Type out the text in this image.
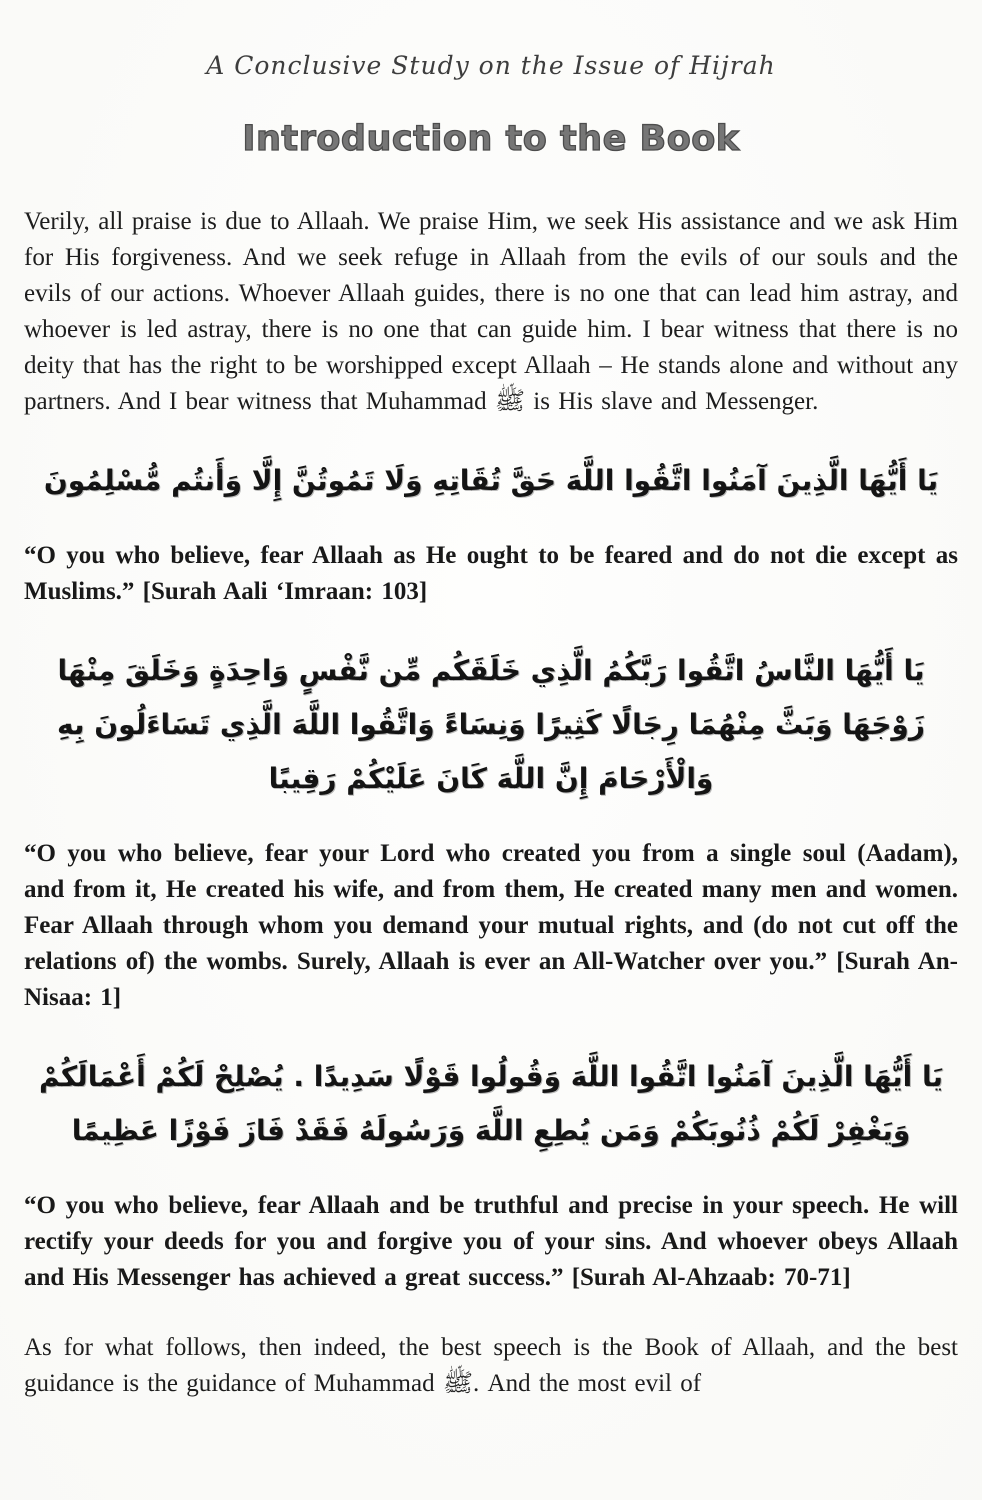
A Conclusive Study on the Issue of Hijrah
Introduction to the Book

Verily, all praise is due to Allaah. We praise Him, we seek His assistance and we ask Him for His forgiveness. And we seek refuge in Allaah from the evils of our souls and the evils of our actions. Whoever Allaah guides, there is no one that can lead him astray, and whoever is led astray, there is no one that can guide him. I bear witness that there is no deity that has the right to be worshipped except Allaah – He stands alone and without any partners. And I bear witness that Muhammad ﷺ is His slave and Messenger.

يَا أَيُّهَا الَّذِينَ آمَنُوا اتَّقُوا اللَّهَ حَقَّ تُقَاتِهِ وَلَا تَمُوتُنَّ إِلَّا وَأَنتُم مُّسْلِمُونَ

“O you who believe, fear Allaah as He ought to be feared and do not die except as Muslims.” [Surah Aali ‘Imraan: 103]

يَا أَيُّهَا النَّاسُ اتَّقُوا رَبَّكُمُ الَّذِي خَلَقَكُم مِّن نَّفْسٍ وَاحِدَةٍ وَخَلَقَ مِنْهَا زَوْجَهَا وَبَثَّ مِنْهُمَا رِجَالًا كَثِيرًا وَنِسَاءً وَاتَّقُوا اللَّهَ الَّذِي تَسَاءَلُونَ بِهِ وَالْأَرْحَامَ إِنَّ اللَّهَ كَانَ عَلَيْكُمْ رَقِيبًا

“O you who believe, fear your Lord who created you from a single soul (Aadam), and from it, He created his wife, and from them, He created many men and women. Fear Allaah through whom you demand your mutual rights, and (do not cut off the relations of) the wombs. Surely, Allaah is ever an All-Watcher over you.” [Surah An-Nisaa: 1]

يَا أَيُّهَا الَّذِينَ آمَنُوا اتَّقُوا اللَّهَ وَقُولُوا قَوْلًا سَدِيدًا . يُصْلِحْ لَكُمْ أَعْمَالَكُمْ وَيَغْفِرْ لَكُمْ ذُنُوبَكُمْ وَمَن يُطِعِ اللَّهَ وَرَسُولَهُ فَقَدْ فَازَ فَوْزًا عَظِيمًا

“O you who believe, fear Allaah and be truthful and precise in your speech. He will rectify your deeds for you and forgive you of your sins. And whoever obeys Allaah and His Messenger has achieved a great success.” [Surah Al-Ahzaab: 70-71]

As for what follows, then indeed, the best speech is the Book of Allaah, and the best guidance is the guidance of Muhammad ﷺ. And the most evil of
